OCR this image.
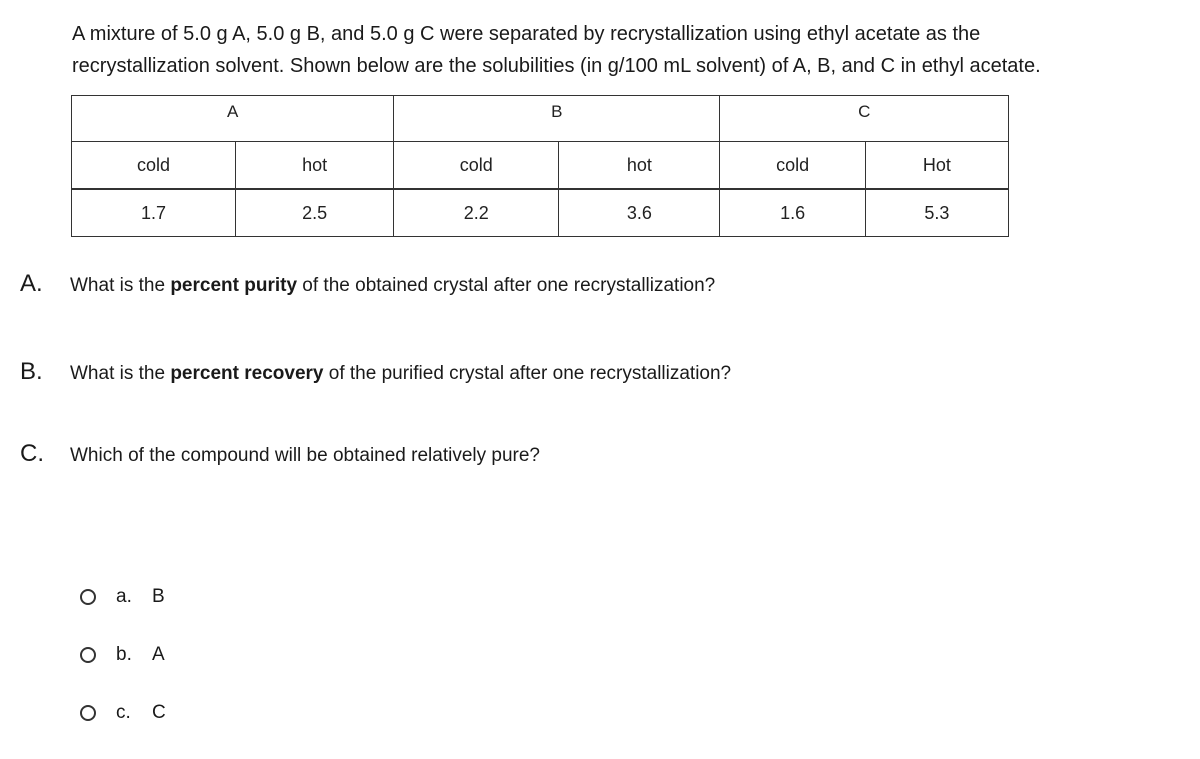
A mixture of 5.0 g A, 5.0 g B, and 5.0 g C were separated by recrystallization using ethyl acetate as the
recrystallization solvent. Shown below are the solubilities (in g/100 mL solvent) of A, B, and C in ethyl acetate.
A		B		C	
cold	hot	cold	hot	cold	Hot
1.7	2.5	2.2	3.6	1.6	5.3
A. What is the percent purity of the obtained crystal after one recrystallization?
B. What is the percent recovery of the purified crystal after one recrystallization?
C. Which of the compound will be obtained relatively pure?
a.	B
b.	A
c.	C
